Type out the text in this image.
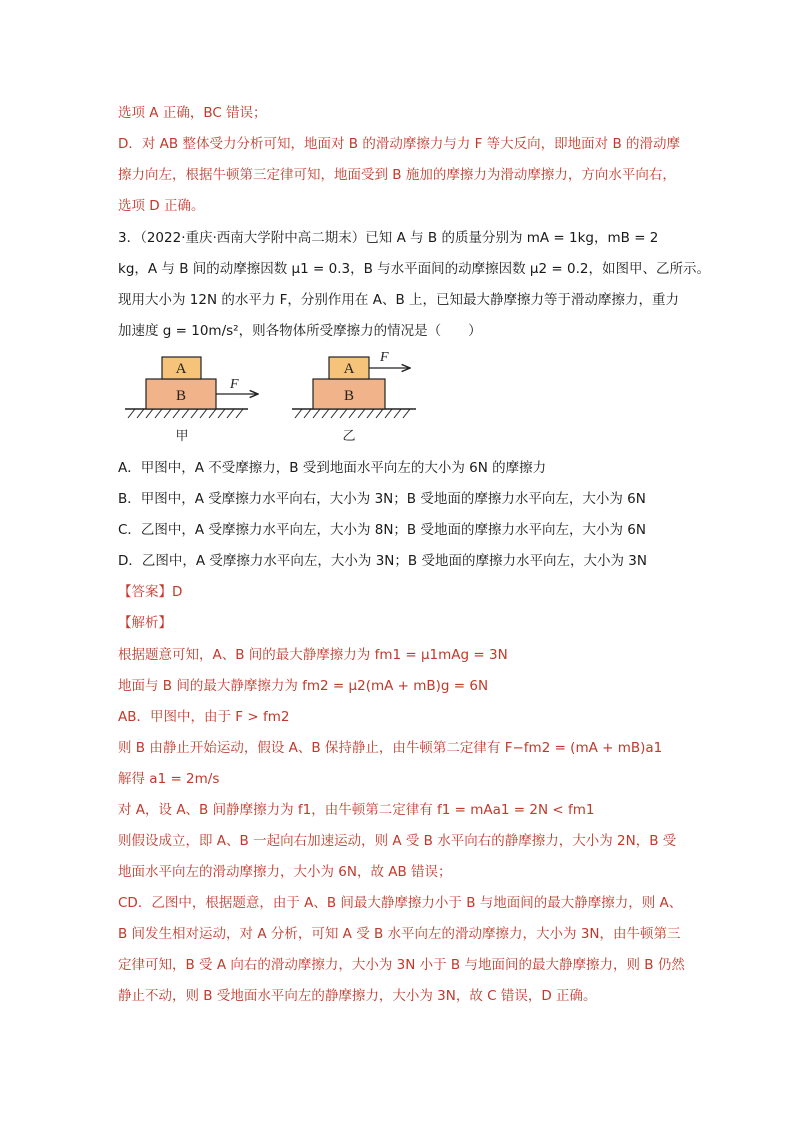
选项 A 正确，BC 错误；
D．对 AB 整体受力分析可知，地面对 B 的滑动摩擦力与力 F 等大反向，即地面对 B 的滑动摩
擦力向左，根据牛顿第三定律可知，地面受到 B 施加的摩擦力为滑动摩擦力，方向水平向右，
选项 D 正确。
3．（2022·重庆·西南大学附中高二期末）已知 A 与 B 的质量分别为 mA = 1kg，mB = 2
kg，A 与 B 间的动摩擦因数 μ1 = 0.3，B 与水平面间的动摩擦因数 μ2 = 0.2，如图甲、乙所示。
现用大小为 12N 的水平力 F，分别作用在 A、B 上，已知最大静摩擦力等于滑动摩擦力，重力
加速度 g = 10m/s²，则各物体所受摩擦力的情况是（　　）
B
A
F
甲
B
A
F
乙
A．甲图中，A 不受摩擦力，B 受到地面水平向左的大小为 6N 的摩擦力
B．甲图中，A 受摩擦力水平向右，大小为 3N；B 受地面的摩擦力水平向左，大小为 6N
C．乙图中，A 受摩擦力水平向左，大小为 8N；B 受地面的摩擦力水平向左，大小为 6N
D．乙图中，A 受摩擦力水平向左，大小为 3N；B 受地面的摩擦力水平向左，大小为 3N
【答案】D
【解析】
根据题意可知，A、B 间的最大静摩擦力为 fm1 = μ1mAg = 3N
地面与 B 间的最大静摩擦力为 fm2 = μ2(mA + mB)g = 6N
AB．甲图中，由于 F > fm2
则 B 由静止开始运动，假设 A、B 保持静止，由牛顿第二定律有 F−fm2 = (mA + mB)a1
解得 a1 = 2m/s
对 A，设 A、B 间静摩擦力为 f1，由牛顿第二定律有 f1 = mAa1 = 2N < fm1
则假设成立，即 A、B 一起向右加速运动，则 A 受 B 水平向右的静摩擦力，大小为 2N，B 受
地面水平向左的滑动摩擦力，大小为 6N，故 AB 错误；
CD．乙图中，根据题意，由于 A、B 间最大静摩擦力小于 B 与地面间的最大静摩擦力，则 A、
B 间发生相对运动，对 A 分析，可知 A 受 B 水平向左的滑动摩擦力，大小为 3N，由牛顿第三
定律可知，B 受 A 向右的滑动摩擦力，大小为 3N 小于 B 与地面间的最大静摩擦力，则 B 仍然
静止不动，则 B 受地面水平向左的静摩擦力，大小为 3N，故 C 错误，D 正确。
